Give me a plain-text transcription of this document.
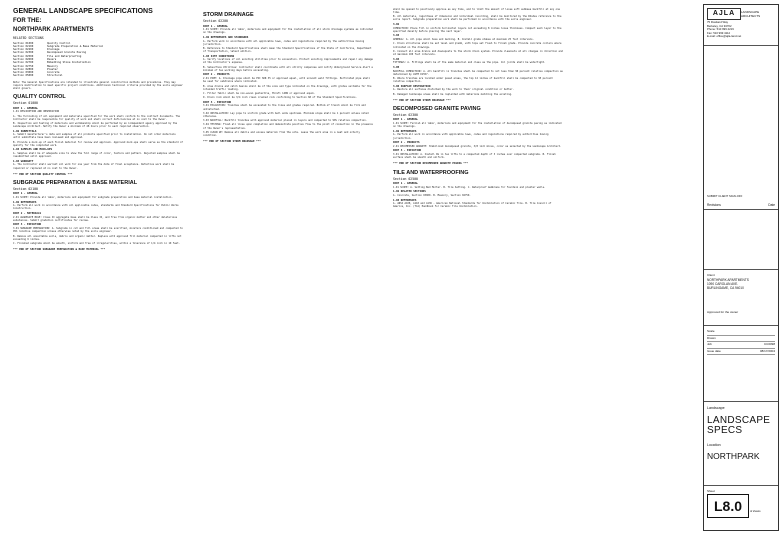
GENERAL LANDSCAPE SPECIFICATIONS
FOR THE:
NORTHPARK APARTMENTS
RELATED SECTIONS
Section 01000	Quality Control
Section 02100	Subgrade Preparation & Base Material
Section 02200	Drainage
Section 02300	Decomposed Granite Paving
Section 02500	Tile and Waterproofing
Section 02600	Pavers
Section 02700	Embedding Stone Installation
Section 02750	Masonry
Section 02800	Plaster
Section 03000	Concrete
Section 05000	Structural
Note: The General Specifications are intended to illustrate general construction methods and procedures. They may require modification to meet specific project conditions. Additional technical criteria provided by the soils engineer shall govern.
QUALITY CONTROL
Section 01000
PART 1 - GENERAL
1.01 DESCRIPTION AND OBSERVATION
A. The furnishing of all equipment and materials specified for the work shall conform to the contract documents. The Contractor shall be responsible for quality of work and shall correct deficiencies at no cost to the Owner.
B. Inspection and testing of materials and workmanship shall be performed by an independent agency approved by the Landscape Architect. Notify the Owner a minimum of 48 hours prior to each required observation.
1.02 SUBMITTALS
A. Submit manufacturer's data and samples of all products specified prior to installation. Do not order materials until submittals have been reviewed and approved.
B. Provide a mock-up of each finish material for review and approval. Approved mock-ups shall serve as the standard of quality for the completed work.
1.03 SAMPLES AND MOCK-UPS
A. Samples shall be of adequate size to show the full range of color, texture and pattern. Rejected samples shall be resubmitted until approved.
1.04 WARRANTY
A. The Contractor shall warrant all work for one year from the date of final acceptance. Defective work shall be repaired or replaced at no cost to the Owner.
*** END OF SECTION QUALITY CONTROL ***
SUBGRADE PREPARATION & BASE MATERIAL
Section 02100
PART 1 - GENERAL
1.01 SCOPE: Provide all labor, materials and equipment for subgrade preparation and base material installation.
1.02 REFERENCES
A. Perform all work in accordance with all applicable codes, standards and Standard Specifications for Public Works Construction.
PART 2 - MATERIALS
2.01 AGGREGATE BASE: Class II aggregate base shall be Class II, and free from organic matter and other deleterious substances. Submit gradation certificates for review.
PART 3 - EXECUTION
3.01 SUBGRADE PREPARATION: A. Subgrade in cut and fill areas shall be scarified, moisture conditioned and compacted to 95% relative compaction unless otherwise noted by the soils engineer.
B. Remove all unsuitable soils, debris and organic matter. Replace with approved fill material compacted in lifts not exceeding 6 inches.
C. Finished subgrade shall be smooth, uniform and free of irregularities, within a tolerance of 1/4 inch in 10 feet.
*** END OF SECTION SUBGRADE PREPARATION & BASE MATERIAL ***
STORM DRAINAGE
Section 02200
PART 1 - GENERAL
1.01 SCOPE: Provide all labor, materials and equipment for the installation of all storm drainage systems as indicated on the drawings.
1.02 REFERENCES AND STANDARDS
A. Perform work in accordance with all applicable laws, codes and regulations required by the authorities having jurisdiction.
B. Reference to Standard Specifications shall mean the Standard Specifications of the State of California, Department of Transportation, latest edition.
1.03 SITE CONDITIONS
A. Verify locations of all existing utilities prior to excavation. Protect existing improvements and repair any damage at the Contractor's expense.
B. Subsurface Utilities: Contractor shall coordinate with all utility companies and notify Underground Service Alert a minimum of two working days before excavating.
PART 2 - PRODUCTS
2.01 PIPE: A. Drainage pipe shall be PVC SDR 35 or approved equal, with solvent weld fittings. Perforated pipe shall be used for subdrains where indicated.
B. Area drains and catch basins shall be of the size and type indicated on the drawings, with grates suitable for the intended traffic loading.
C. Filter fabric shall be non-woven geotextile, Mirafi 140N or approved equal.
D. Drain rock shall be 3/4 inch clean crushed rock conforming to Section 68 of the Standard Specifications.
PART 3 - EXECUTION
3.01 EXCAVATION: Trenches shall be excavated to the lines and grades required. Bottom of trench shall be firm and undisturbed.
3.02 INSTALLATION: Lay pipe to uniform grade with bell ends upstream. Minimum slope shall be 1 percent unless noted otherwise.
3.03 BACKFILL: Backfill trenches with approved material placed in layers and compacted to 90% relative compaction.
3.04 TESTING: Flush all lines upon completion and demonstrate positive flow to the point of connection in the presence of the Owner's representative.
3.05 CLEAN UP: Remove all debris and excess material from the site. Leave the work area in a neat and orderly condition.
*** END OF SECTION STORM DRAINAGE ***
shall be opened to positively approve as any time, and to limit the amount of loose soft subbase backfill at any one time.
B. All materials, regardless of dimension and individual recording, shall be monitored by the Rhodes reference to the soils report. Subgrade preparation work shall be performed in accordance with the soils engineer.
3.02
COMPACTION: Place fill in uniform horizontal layers not exceeding 8 inches loose thickness. Compact each layer to the specified density before placing the next layer.
3.03
GENERAL: A. All pipe shall have end marking. B. Install grade stakes at maximum 25 foot intervals.
C. Drain structures shall be set level and plumb, with tops set flush to finish grade. Provide concrete collars where indicated on the drawings.
D. Connect all area drains and downspouts to the storm drain system. Provide cleanouts at all changes in direction and at maximum 100 foot intervals.
3.04
FITTINGS: A. Fittings shall be of the same material and class as the pipe. All joints shall be watertight.
3.05
BACKFILL COMPACTION: A. All backfill in trenches shall be compacted to not less than 90 percent relative compaction as determined by ASTM D1557.
B. Where trenches are located under paved areas, the top 12 inches of backfill shall be compacted to 95 percent relative compaction.
3.06 SURFACE RESTORATION
A. Restore all surfaces disturbed by the work to their original condition or better.
B. Damaged landscape areas shall be replanted with materials matching the existing.
*** END OF SECTION STORM DRAINAGE ***
DECOMPOSED GRANITE PAVING
Section 02300
PART 1 - GENERAL
1.01 SCOPE: Furnish all labor, materials and equipment for the installation of decomposed granite paving as indicated on the drawings.
1.02 REFERENCES
A. Perform all work in accordance with applicable laws, codes and regulations required by authorities having jurisdiction.
PART 2 - PRODUCTS
2.01 DECOMPOSED GRANITE: Stabilized decomposed granite, 3/8 inch minus, color as selected by the Landscape Architect.
PART 3 - EXECUTION
3.01 INSTALLATION: A. Install DG in two lifts to a compacted depth of 3 inches over compacted subgrade. B. Finish surface shall be smooth and uniform.
*** END OF SECTION DECOMPOSED GRANITE PAVING ***
TILE AND WATERPROOFING
Section 02500
PART 1 - GENERAL
1.01 SCOPE: A. Setting Bed Mortar. B. Tile Setting. C. Waterproof membrane for fountain and planter walls.
1.02 RELATED SECTIONS
A. Concrete, Section 03000. B. Masonry, Section 02750.
1.03 REFERENCES
A. ANSI A108, A118 and A136 - American National Standards for Installation of Ceramic Tile. B. Tile Council of America, Inc. (TCA) Handbook for Ceramic Tile Installation.
AJLA	LANDSCAPE ARCHITECTS
75 Rowland Way
Berkeley, CA 94702
Phone: 510 999 4219
Fax: 510 999 4112
E-mail: office@ajla-land.net
SUBMIT CLIENT SIGN-OFF
Revisions	Date
Client
NORTHPARK APARTMENTS
1090 CAROLAN AVE.
BURLINGAME, CA 94010
Approved for the owner
Scale
Drawn
Job	CC0098
Issue date	08/17/2004
Landscape
LANDSCAPE SPECS
Location
NORTHPARK
Sheet
L8.0	of sheets
